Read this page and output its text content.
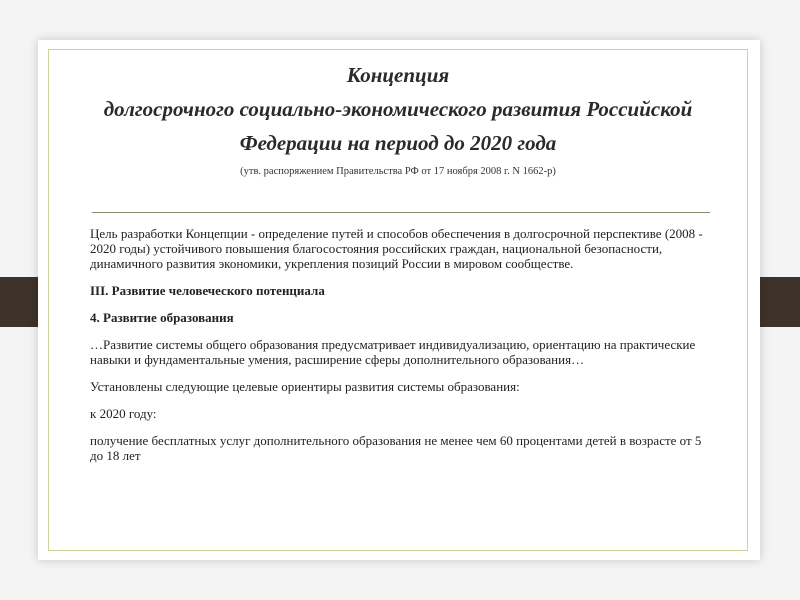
Концепция
долгосрочного социально-экономического развития Российской
Федерации на период до 2020 года
(утв. распоряжением Правительства РФ от 17 ноября 2008 г. N 1662-р)

Цель разработки Концепции - определение путей и способов обеспечения в долгосрочной перспективе (2008 - 2020 годы) устойчивого повышения благосостояния российских граждан, национальной безопасности, динамичного развития экономики, укрепления позиций России в мировом сообществе.

III. Развитие человеческого потенциала

4. Развитие образования

…Развитие системы общего образования предусматривает индивидуализацию, ориентацию на практические навыки и фундаментальные умения, расширение сферы дополнительного образования…

Установлены следующие целевые ориентиры развития системы образования:

к 2020 году:

получение бесплатных услуг дополнительного образования не менее чем 60 процентами детей в возрасте от 5 до 18 лет
